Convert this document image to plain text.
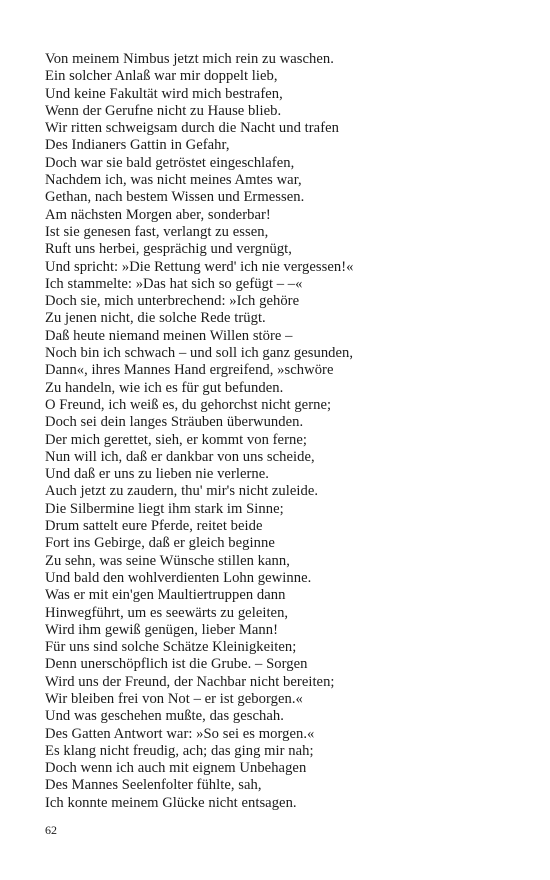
Von meinem Nimbus jetzt mich rein zu waschen.
Ein solcher Anlaß war mir doppelt lieb,
Und keine Fakultät wird mich bestrafen,
Wenn der Gerufne nicht zu Hause blieb.
Wir ritten schweigsam durch die Nacht und trafen
Des Indianers Gattin in Gefahr,
Doch war sie bald getröstet eingeschlafen,
Nachdem ich, was nicht meines Amtes war,
Gethan, nach bestem Wissen und Ermessen.
Am nächsten Morgen aber, sonderbar!
Ist sie genesen fast, verlangt zu essen,
Ruft uns herbei, gesprächig und vergnügt,
Und spricht: »Die Rettung werd' ich nie vergessen!«
Ich stammelte: »Das hat sich so gefügt – –«
Doch sie, mich unterbrechend: »Ich gehöre
Zu jenen nicht, die solche Rede trügt.
Daß heute niemand meinen Willen störe –
Noch bin ich schwach – und soll ich ganz gesunden,
Dann«, ihres Mannes Hand ergreifend, »schwöre
Zu handeln, wie ich es für gut befunden.
O Freund, ich weiß es, du gehorchst nicht gerne;
Doch sei dein langes Sträuben überwunden.
Der mich gerettet, sieh, er kommt von ferne;
Nun will ich, daß er dankbar von uns scheide,
Und daß er uns zu lieben nie verlerne.
Auch jetzt zu zaudern, thu' mir's nicht zuleide.
Die Silbermine liegt ihm stark im Sinne;
Drum sattelt eure Pferde, reitet beide
Fort ins Gebirge, daß er gleich beginne
Zu sehn, was seine Wünsche stillen kann,
Und bald den wohlverdienten Lohn gewinne.
Was er mit ein'gen Maultiertruppen dann
Hinwegführt, um es seewärts zu geleiten,
Wird ihm gewiß genügen, lieber Mann!
Für uns sind solche Schätze Kleinigkeiten;
Denn unerschöpflich ist die Grube. – Sorgen
Wird uns der Freund, der Nachbar nicht bereiten;
Wir bleiben frei von Not – er ist geborgen.«
Und was geschehen mußte, das geschah.
Des Gatten Antwort war: »So sei es morgen.«
Es klang nicht freudig, ach; das ging mir nah;
Doch wenn ich auch mit eignem Unbehagen
Des Mannes Seelenfolter fühlte, sah,
Ich konnte meinem Glücke nicht entsagen.
62
